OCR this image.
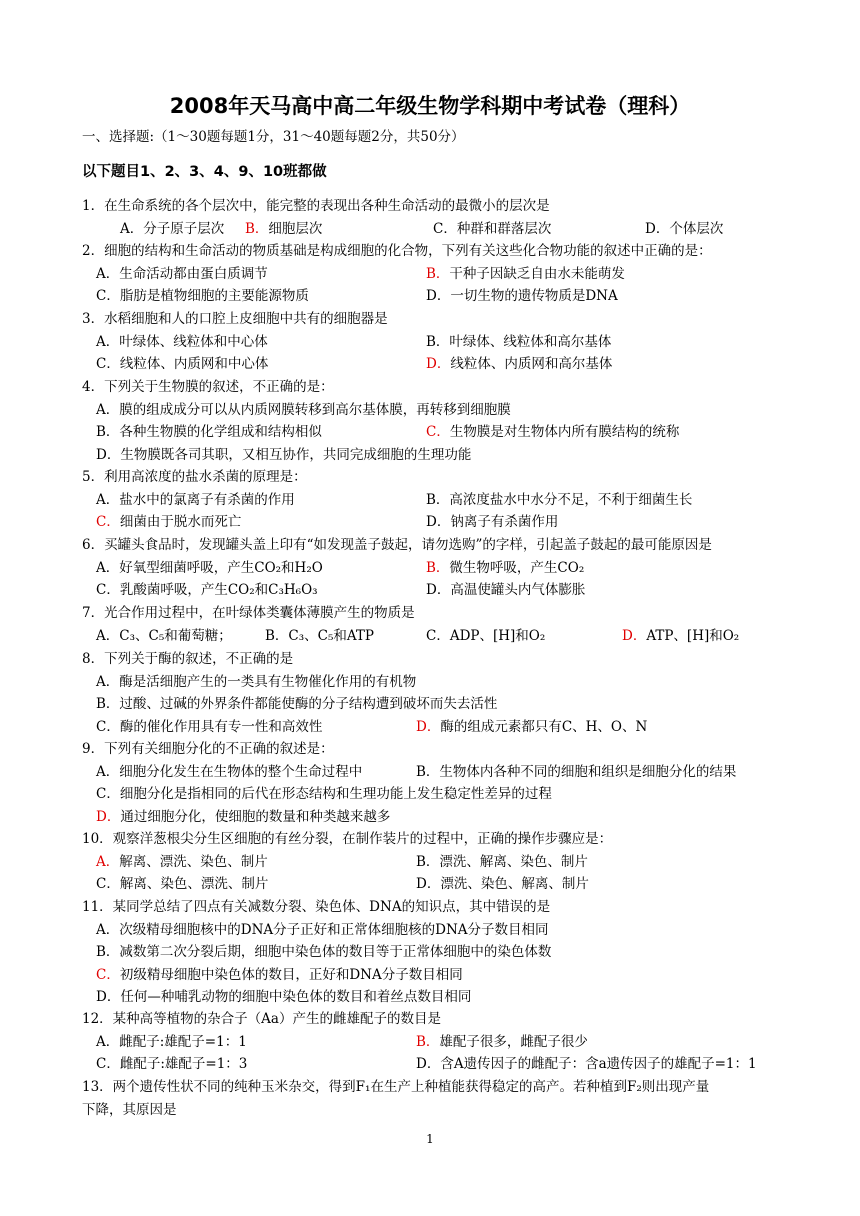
2008年天马高中高二年级生物学科期中考试卷（理科）
一、选择题:（1～30题每题1分，31～40题每题2分，共50分）
以下题目1、2、3、4、9、10班都做
1．在生命系统的各个层次中，能完整的表现出各种生命活动的最微小的层次是
A．分子原子层次 B．细胞层次	C．种群和群落层次	D．个体层次
2．细胞的结构和生命活动的物质基础是构成细胞的化合物，下列有关这些化合物功能的叙述中正确的是：
A．生命活动都由蛋白质调节	B．干种子因缺乏自由水未能萌发
C．脂肪是植物细胞的主要能源物质	D．一切生物的遗传物质是DNA
3．水稻细胞和人的口腔上皮细胞中共有的细胞器是
A．叶绿体、线粒体和中心体	B．叶绿体、线粒体和高尔基体
C．线粒体、内质网和中心体	D．线粒体、内质网和高尔基体
4．下列关于生物膜的叙述，不正确的是：
A．膜的组成成分可以从内质网膜转移到高尔基体膜，再转移到细胞膜
B．各种生物膜的化学组成和结构相似	C．生物膜是对生物体内所有膜结构的统称
D．生物膜既各司其职，又相互协作，共同完成细胞的生理功能
5．利用高浓度的盐水杀菌的原理是：
A．盐水中的氯离子有杀菌的作用	B．高浓度盐水中水分不足，不利于细菌生长
C．细菌由于脱水而死亡	D．钠离子有杀菌作用
6．买罐头食品时，发现罐头盖上印有“如发现盖子鼓起，请勿选购”的字样，引起盖子鼓起的最可能原因是
A．好氧型细菌呼吸，产生CO₂和H₂O	B．微生物呼吸，产生CO₂
C．乳酸菌呼吸，产生CO₂和C₃H₆O₃	D．高温使罐头内气体膨胀
7．光合作用过程中，在叶绿体类囊体薄膜产生的物质是
A．C₃、C₅和葡萄糖； B．C₃、C₅和ATP	C．ADP、[H]和O₂	D．ATP、[H]和O₂
8．下列关于酶的叙述，不正确的是
A．酶是活细胞产生的一类具有生物催化作用的有机物
B．过酸、过碱的外界条件都能使酶的分子结构遭到破坏而失去活性
C．酶的催化作用具有专一性和高效性	D．酶的组成元素都只有C、H、O、N
9．下列有关细胞分化的不正确的叙述是：
A．细胞分化发生在生物体的整个生命过程中	B．生物体内各种不同的细胞和组织是细胞分化的结果
C．细胞分化是指相同的后代在形态结构和生理功能上发生稳定性差异的过程
D．通过细胞分化，使细胞的数量和种类越来越多
10．观察洋葱根尖分生区细胞的有丝分裂，在制作装片的过程中，正确的操作步骤应是：
A．解离、漂洗、染色、制片	B．漂洗、解离、染色、制片
C．解离、染色、漂洗、制片	D．漂洗、染色、解离、制片
11．某同学总结了四点有关减数分裂、染色体、DNA的知识点，其中错误的是
A．次级精母细胞核中的DNA分子正好和正常体细胞核的DNA分子数目相同
B．减数第二次分裂后期，细胞中染色体的数目等于正常体细胞中的染色体数
C．初级精母细胞中染色体的数目，正好和DNA分子数目相同
D．任何—种哺乳动物的细胞中染色体的数目和着丝点数目相同
12．某种高等植物的杂合子（Aa）产生的雌雄配子的数目是
A．雌配子:雄配子=1：1	B．雄配子很多，雌配子很少
C．雌配子:雄配子=1：3	D．含A遗传因子的雌配子：含a遗传因子的雄配子=1：1
13．两个遗传性状不同的纯种玉米杂交，得到F₁在生产上种植能获得稳定的高产。若种植到F₂则出现产量
下降，其原因是
1
